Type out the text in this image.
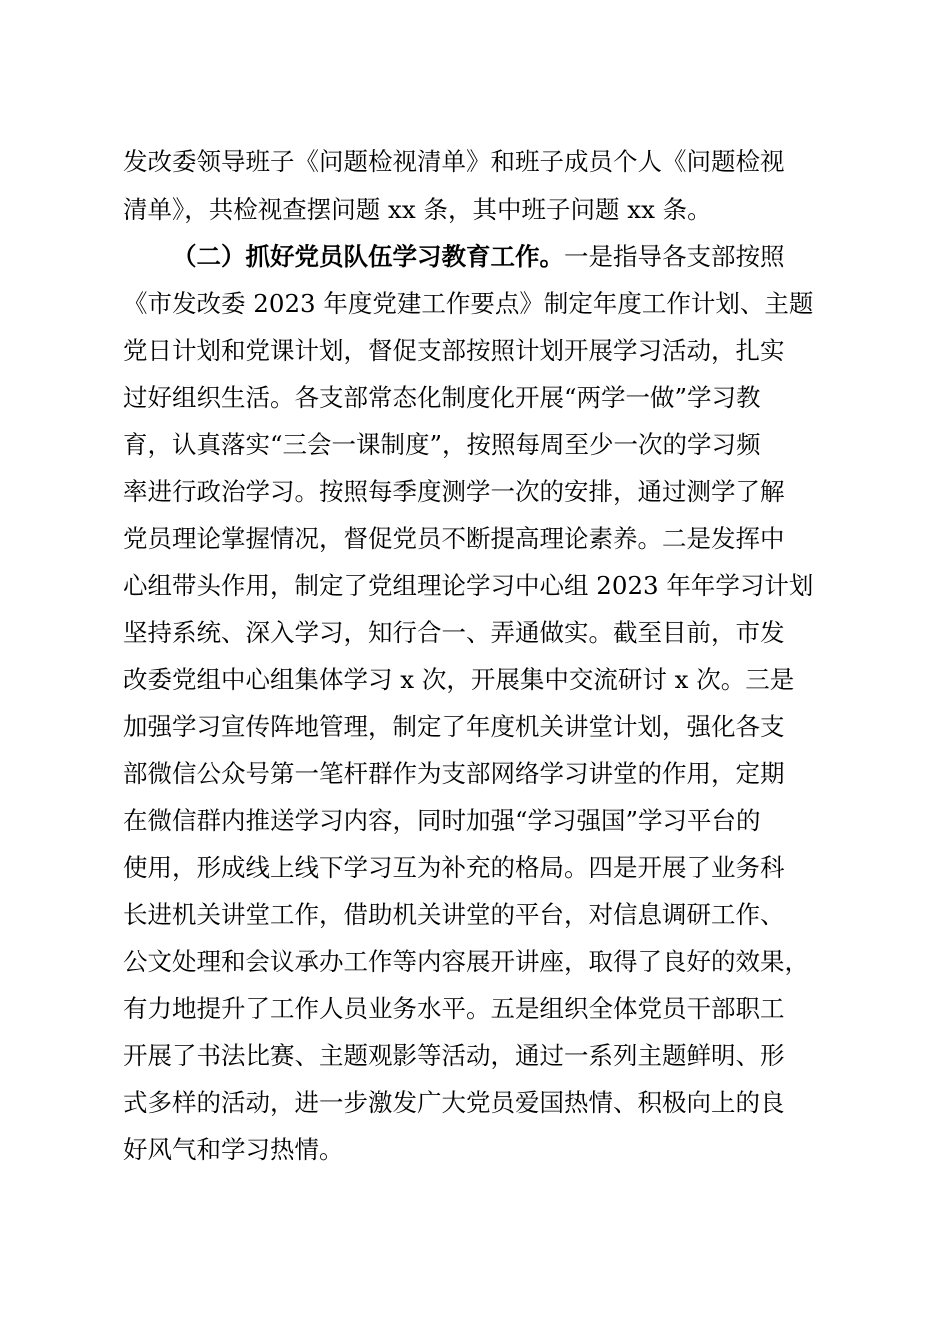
发改委领导班子《问题检视清单》和班子成员个人《问题检视
清单》，共检视查摆问题 xx 条，其中班子问题 xx 条。
（二）抓好党员队伍学习教育工作。一是指导各支部按照
《市发改委 2023 年度党建工作要点》制定年度工作计划、主题
党日计划和党课计划，督促支部按照计划开展学习活动，扎实
过好组织生活。各支部常态化制度化开展“两学一做”学习教
育，认真落实“三会一课制度”，按照每周至少一次的学习频
率进行政治学习。按照每季度测学一次的安排，通过测学了解
党员理论掌握情况，督促党员不断提高理论素养。二是发挥中
心组带头作用，制定了党组理论学习中心组 2023 年年学习计划
坚持系统、深入学习，知行合一、弄通做实。截至目前，市发
改委党组中心组集体学习 x 次，开展集中交流研讨 x 次。三是
加强学习宣传阵地管理，制定了年度机关讲堂计划，强化各支
部微信公众号第一笔杆群作为支部网络学习讲堂的作用，定期
在微信群内推送学习内容，同时加强“学习强国”学习平台的
使用，形成线上线下学习互为补充的格局。四是开展了业务科
长进机关讲堂工作，借助机关讲堂的平台，对信息调研工作、
公文处理和会议承办工作等内容展开讲座，取得了良好的效果，
有力地提升了工作人员业务水平。五是组织全体党员干部职工
开展了书法比赛、主题观影等活动，通过一系列主题鲜明、形
式多样的活动，进一步激发广大党员爱国热情、积极向上的良
好风气和学习热情。
